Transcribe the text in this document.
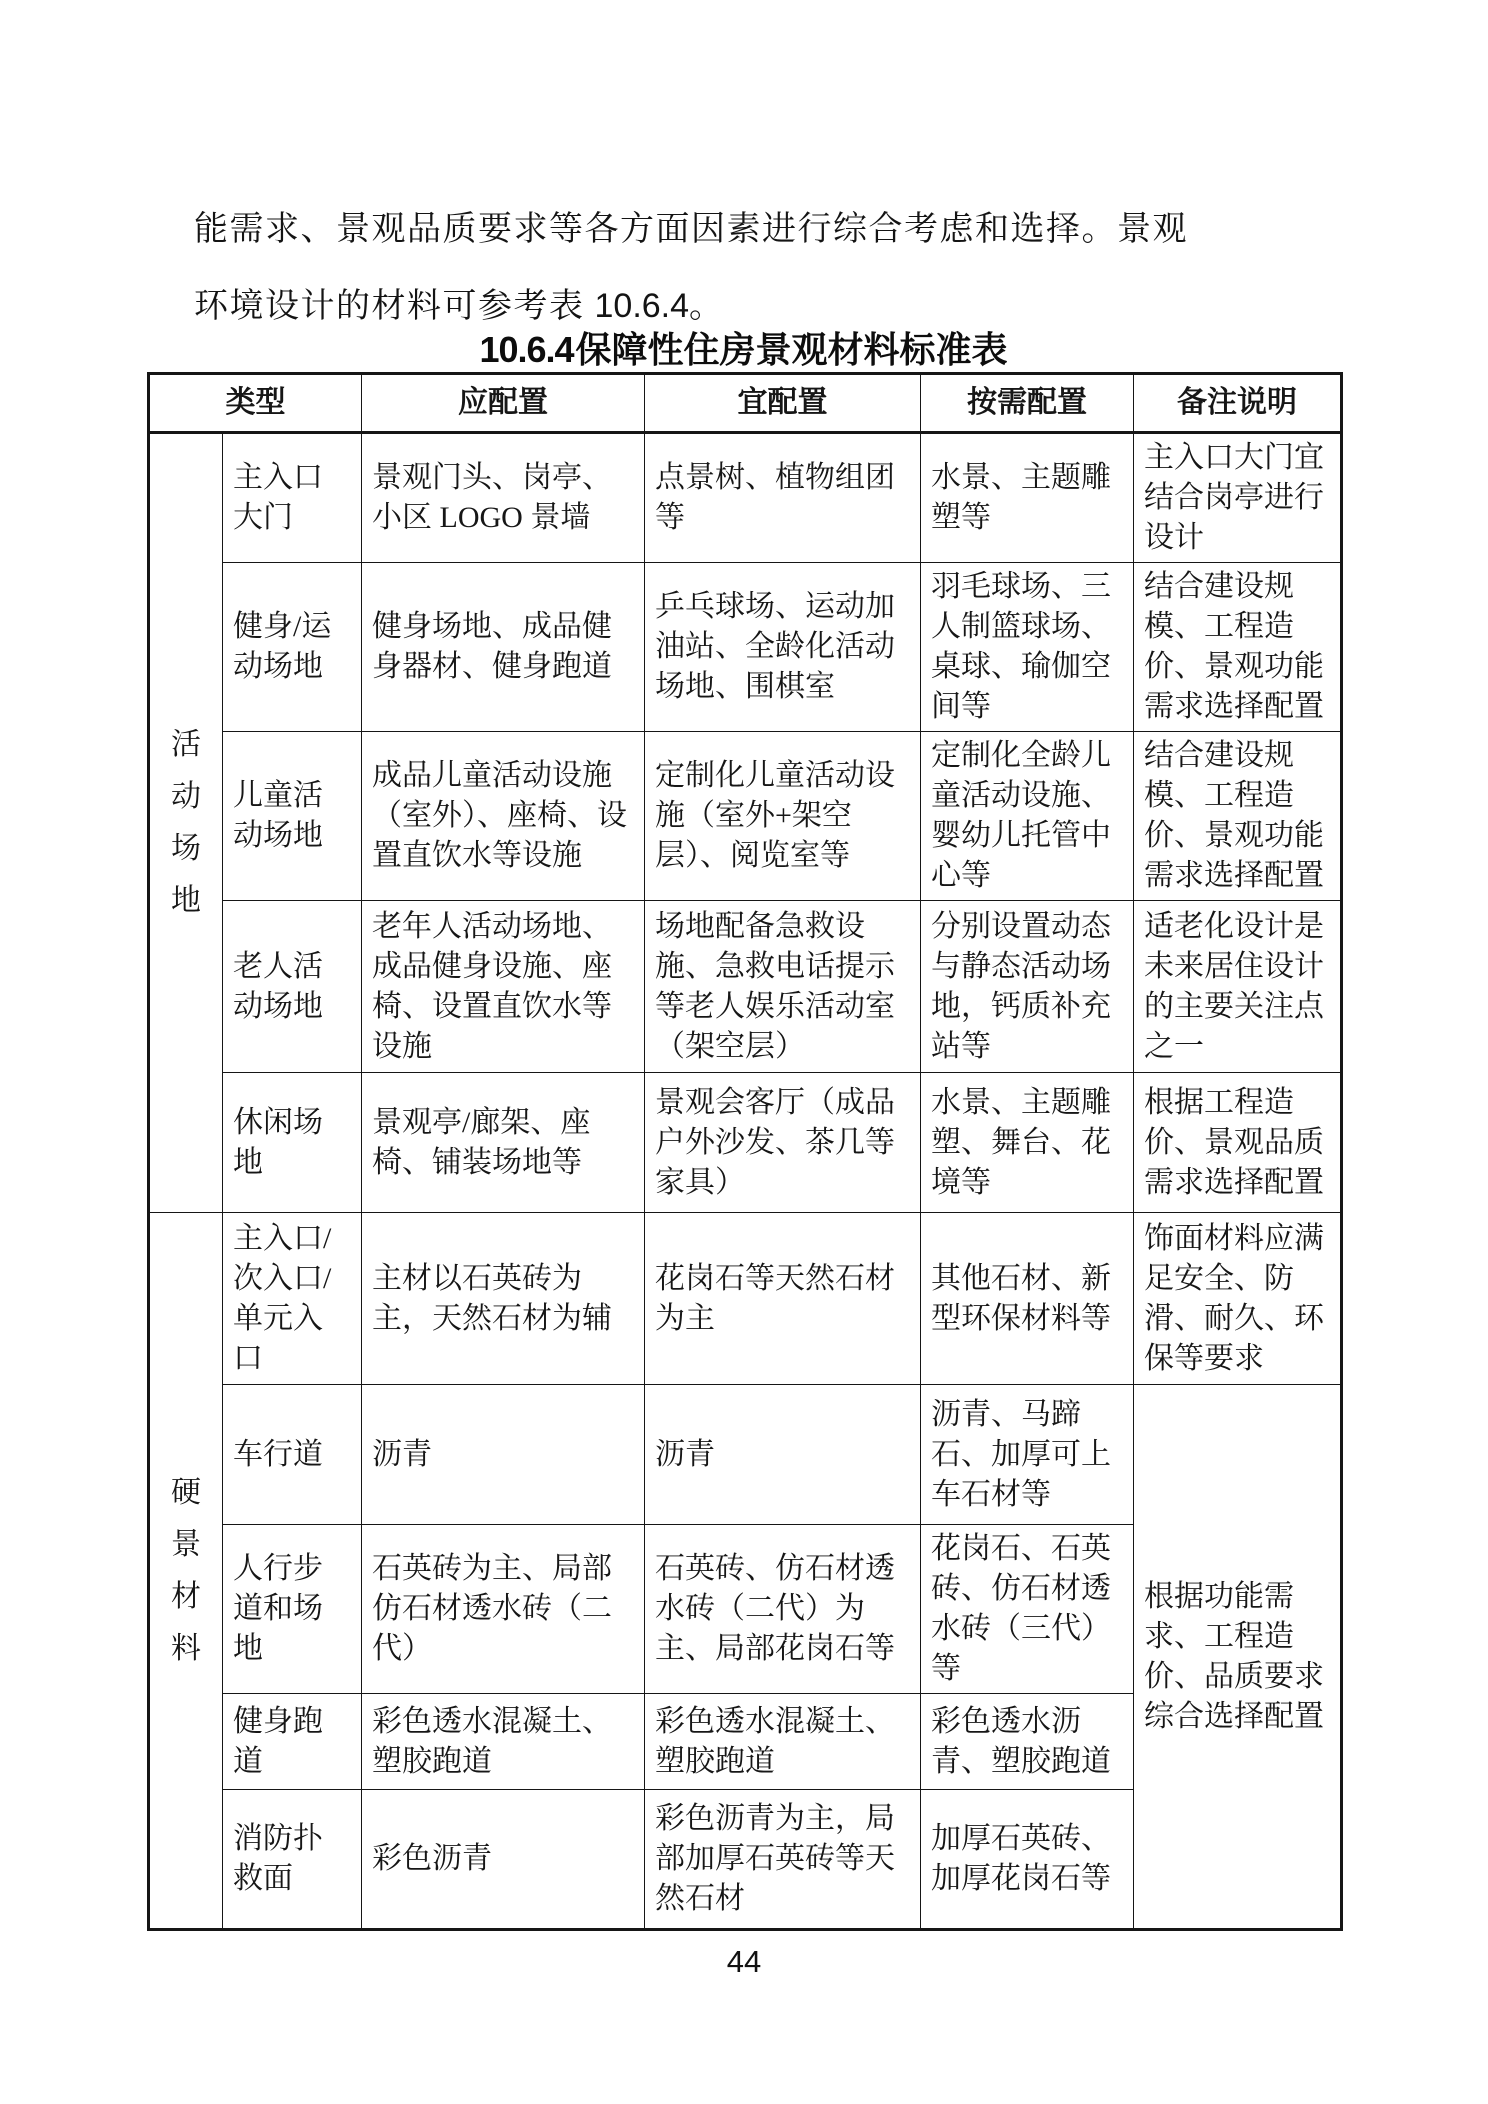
能需求、景观品质要求等各方面因素进行综合考虑和选择。景观
环境设计的材料可参考表 10.6.4。
10.6.4保障性住房景观材料标准表
类型		应配置	宜配置	按需配置	备注说明

活动场地	主入口大门	景观门头、岗亭、小区 LOGO 景墙	点景树、植物组团等	水景、主题雕塑等	主入口大门宜结合岗亭进行设计
	健身/运动场地	健身场地、成品健身器材、健身跑道	乒乓球场、运动加油站、全龄化活动场地、围棋室	羽毛球场、三人制篮球场、桌球、瑜伽空间等	结合建设规模、工程造价、景观功能需求选择配置
	儿童活动场地	成品儿童活动设施（室外）、座椅、设置直饮水等设施	定制化儿童活动设施（室外+架空层）、阅览室等	定制化全龄儿童活动设施、婴幼儿托管中心等	结合建设规模、工程造价、景观功能需求选择配置
	老人活动场地	老年人活动场地、成品健身设施、座椅、设置直饮水等设施	场地配备急救设施、急救电话提示等老人娱乐活动室（架空层）	分别设置动态与静态活动场地，钙质补充站等	适老化设计是未来居住设计的主要关注点之一
	休闲场地	景观亭/廊架、座椅、铺装场地等	景观会客厅（成品户外沙发、茶几等家具）	水景、主题雕塑、舞台、花境等	根据工程造价、景观品质需求选择配置

硬景材料	主入口/次入口/单元入口	主材以石英砖为主，天然石材为辅	花岗石等天然石材为主	其他石材、新型环保材料等	饰面材料应满足安全、防滑、耐久、环保等要求
	车行道	沥青	沥青	沥青、马蹄石、加厚可上车石材等	根据功能需求、工程造价、品质要求综合选择配置
	人行步道和场地	石英砖为主、局部仿石材透水砖（二代）	石英砖、仿石材透水砖（二代）为主、局部花岗石等	花岗石、石英砖、仿石材透水砖（三代）等	
	健身跑道	彩色透水混凝土、塑胶跑道	彩色透水混凝土、塑胶跑道	彩色透水沥青、塑胶跑道	
	消防扑救面	彩色沥青	彩色沥青为主，局部加厚石英砖等天然石材	加厚石英砖、加厚花岗石等	
44
